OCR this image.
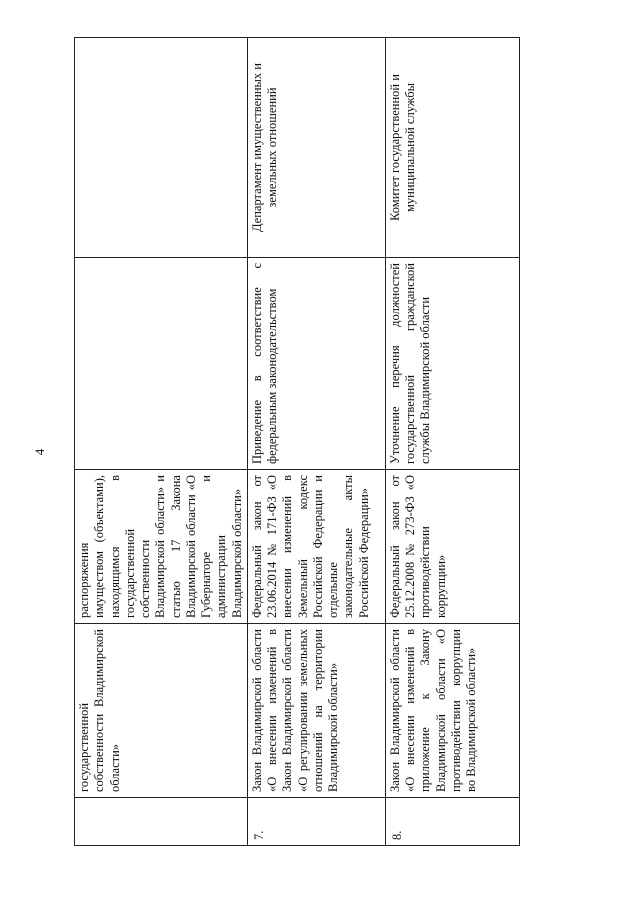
4
	государственной собственности Владимирской области»	распоряжения имуществом (объектами), находящимся в государственной собственности Владимирской области» и статью 17 Закона Владимирской области «О Губернаторе и администрации Владимирской области»		
7.	Закон Владимирской области «О внесении изменений в Закон Владимирской области «О регулировании земельных отношений на территории Владимирской области»	Федеральный закон от 23.06.2014 № 171-ФЗ «О внесении изменений в Земельный кодекс Российской Федерации и отдельные законодательные акты Российской Федерации»	Приведение в соответствие с федеральным законодательством	Департамент имущественных и земельных отношений
8.	Закон Владимирской области «О внесении изменений в приложение к Закону Владимирской области «О противодействии коррупции во Владимирской области»	Федеральный закон от 25.12.2008 № 273-ФЗ «О противодействии коррупции»	Уточнение перечня должностей государственной гражданской службы Владимирской области	Комитет государственной и муниципальной службы
